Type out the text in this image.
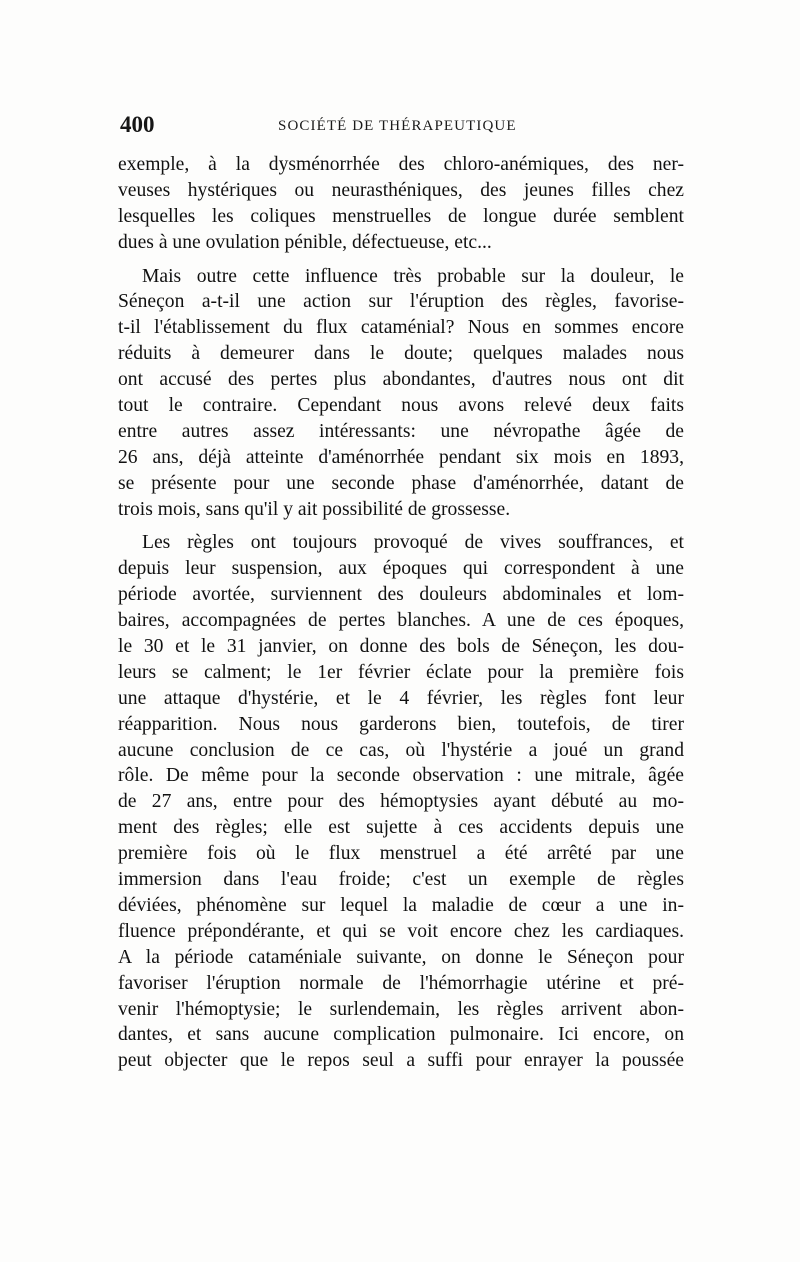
400	SOCIÉTÉ DE THÉRAPEUTIQUE
exemple, à la dysménorrhée des chloro-anémiques, des ner-
veuses hystériques ou neurasthéniques, des jeunes filles chez
lesquelles les coliques menstruelles de longue durée semblent
dues à une ovulation pénible, défectueuse, etc...
Mais outre cette influence très probable sur la douleur, le
Séneçon a-t-il une action sur l'éruption des règles, favorise-
t-il l'établissement du flux cataménial? Nous en sommes encore
réduits à demeurer dans le doute; quelques malades nous
ont accusé des pertes plus abondantes, d'autres nous ont dit
tout le contraire. Cependant nous avons relevé deux faits
entre autres assez intéressants: une névropathe âgée de
26 ans, déjà atteinte d'aménorrhée pendant six mois en 1893,
se présente pour une seconde phase d'aménorrhée, datant de
trois mois, sans qu'il y ait possibilité de grossesse.
Les règles ont toujours provoqué de vives souffrances, et
depuis leur suspension, aux époques qui correspondent à une
période avortée, surviennent des douleurs abdominales et lom-
baires, accompagnées de pertes blanches. A une de ces époques,
le 30 et le 31 janvier, on donne des bols de Séneçon, les dou-
leurs se calment; le 1er février éclate pour la première fois
une attaque d'hystérie, et le 4 février, les règles font leur
réapparition. Nous nous garderons bien, toutefois, de tirer
aucune conclusion de ce cas, où l'hystérie a joué un grand
rôle. De même pour la seconde observation : une mitrale, âgée
de 27 ans, entre pour des hémoptysies ayant débuté au mo-
ment des règles; elle est sujette à ces accidents depuis une
première fois où le flux menstruel a été arrêté par une
immersion dans l'eau froide; c'est un exemple de règles
déviées, phénomène sur lequel la maladie de cœur a une in-
fluence prépondérante, et qui se voit encore chez les cardiaques.
A la période cataméniale suivante, on donne le Séneçon pour
favoriser l'éruption normale de l'hémorrhagie utérine et pré-
venir l'hémoptysie; le surlendemain, les règles arrivent abon-
dantes, et sans aucune complication pulmonaire. Ici encore, on
peut objecter que le repos seul a suffi pour enrayer la poussée
